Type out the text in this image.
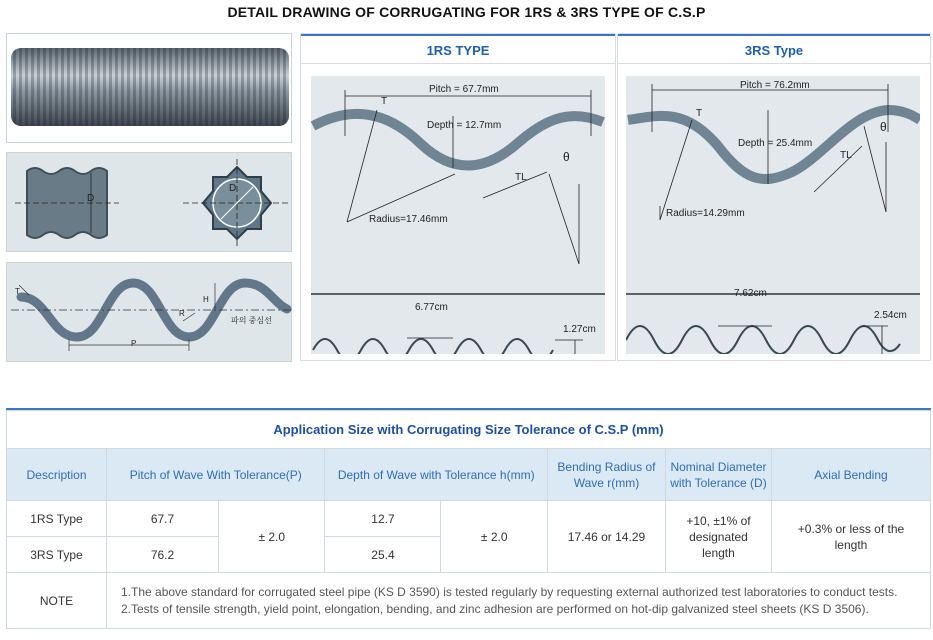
DETAIL DRAWING OF CORRUGATING FOR 1RS & 3RS TYPE OF C.S.P
D
D
T
P
R
H
파의 중심선
1RS TYPE
Pitch = 67.7mm
Depth = 12.7mm
T
θ
TL
Radius=17.46mm
6.77cm
1.27cm
3RS Type
Pitch = 76.2mm
Depth = 25.4mm
T
θ
TL
Radius=14.29mm
7.62cm
2.54cm
Application Size with Corrugating Size Tolerance of C.S.P (mm)							
Description	Pitch of Wave With Tolerance(P)		Depth of Wave with Tolerance h(mm)		Bending Radius of Wave r(mm)	Nominal Diameter with Tolerance (D)	Axial Bending
1RS Type	67.7	± 2.0	12.7	± 2.0	17.46 or 14.29	+10, ±1% of designated length	+0.3% or less of the length
3RS Type	76.2		25.4				
NOTE	1.The above standard for corrugated steel pipe (KS D 3590) is tested regularly by requesting external authorized test laboratories to conduct tests.
2.Tests of tensile strength, yield point, elongation, bending, and zinc adhesion are performed on hot-dip galvanized steel sheets (KS D 3506).						
